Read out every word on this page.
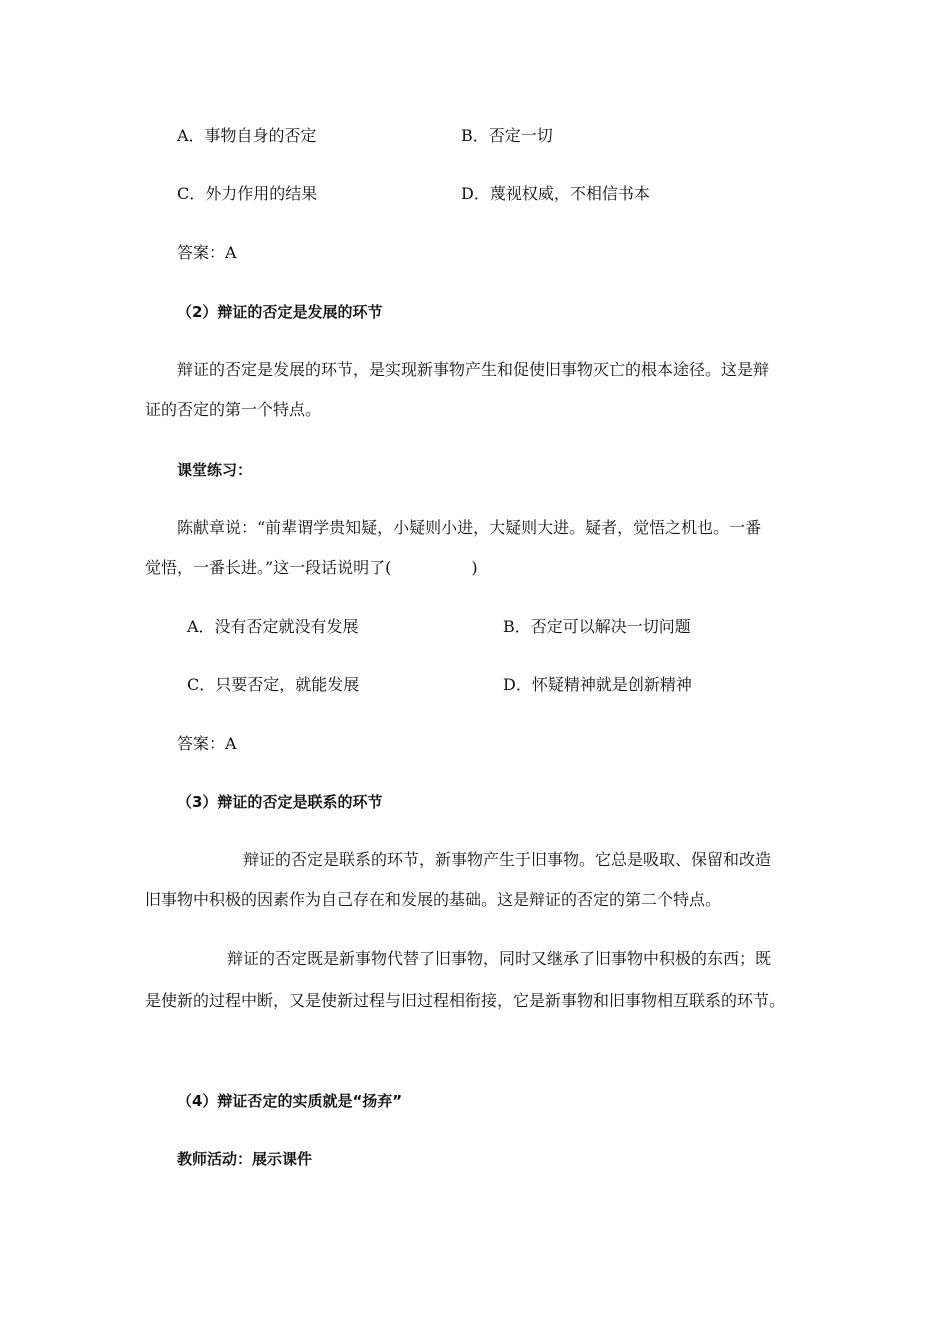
A．事物自身的否定	B．否定一切
C．外力作用的结果	D．蔑视权威，不相信书本
答案：A
（2）辩证的否定是发展的环节
辩证的否定是发展的环节，是实现新事物产生和促使旧事物灭亡的根本途径。这是辩
证的否定的第一个特点。
课堂练习：
陈献章说：“前辈谓学贵知疑，小疑则小进，大疑则大进。疑者，觉悟之机也。一番
觉悟，一番长进。”这一段话说明了(　　　　　)
A．没有否定就没有发展	B．否定可以解决一切问题
C．只要否定，就能发展	D．怀疑精神就是创新精神
答案：A
（3）辩证的否定是联系的环节
辩证的否定是联系的环节，新事物产生于旧事物。它总是吸取、保留和改造
旧事物中积极的因素作为自己存在和发展的基础。这是辩证的否定的第二个特点。
辩证的否定既是新事物代替了旧事物，同时又继承了旧事物中积极的东西；既
是使新的过程中断，又是使新过程与旧过程相衔接，它是新事物和旧事物相互联系的环节。
（4）辩证否定的实质就是“扬弃”
教师活动：展示课件
